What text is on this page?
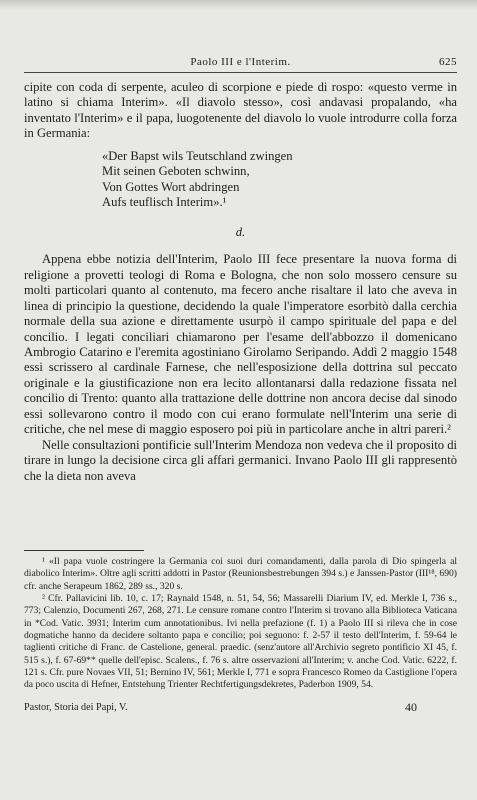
Paolo III e l'Interim.	625

cipite con coda di serpente, aculeo di scorpione e piede di rospo: «questo verme in latino si chiama Interim». «Il diavolo stesso», così andavasi propalando, «ha inventato l'Interim» e il papa, luogotenente del diavolo lo vuole introdurre colla forza in Germania:

«Der Bapst wils Teutschland zwingen
Mit seinen Geboten schwinn,
Von Gottes Wort abdringen
Aufs teuflisch Interim».¹
d.

Appena ebbe notizia dell'Interim, Paolo III fece presentare la nuova forma di religione a provetti teologi di Roma e Bologna, che non solo mossero censure su molti particolari quanto al contenuto, ma fecero anche risaltare il lato che aveva in linea di principio la questione, decidendo la quale l'imperatore esorbitò dalla cerchia normale della sua azione e direttamente usurpò il campo spirituale del papa e del concilio. I legati conciliari chiamarono per l'esame dell'abbozzo il domenicano Ambrogio Catarino e l'eremita agostiniano Girolamo Seripando. Addì 2 maggio 1548 essi scrissero al cardinale Farnese, che nell'esposizione della dottrina sul peccato originale e la giustificazione non era lecito allontanarsi dalla redazione fissata nel concilio di Trento: quanto alla trattazione delle dottrine non ancora decise dal sinodo essi sollevarono contro il modo con cui erano formulate nell'Interim una serie di critiche, che nel mese di maggio esposero poi più in particolare anche in altri pareri.²

Nelle consultazioni pontificie sull'Interim Mendoza non vedeva che il proposito di tirare in lungo la decisione circa gli affari germanici. Invano Paolo III gli rappresentò che la dieta non aveva

¹ «Il papa vuole costringere la Germania coi suoi duri comandamenti, dalla parola di Dio spingerla al diabolico Interim». Oltre agli scritti addotti in Pastor (Reunionsbestrebungen 394 s.) e Janssen-Pastor (III¹⁸, 690) cfr. anche Serapeum 1862, 289 ss., 320 s.

² Cfr. Pallavicini lib. 10, c. 17; Raynald 1548, n. 51, 54, 56; Massarelli Diarium IV, ed. Merkle I, 736 s., 773; Calenzio, Documenti 267, 268, 271. Le censure romane contro l'Interim si trovano alla Biblioteca Vaticana in *Cod. Vatic. 3931; Interim cum annotationibus. Ivi nella prefazione (f. 1) a Paolo III si rileva che in cose dogmatiche hanno da decidere soltanto papa e concilio; poi seguono: f. 2-57 il testo dell'Interim, f. 59-64 le taglienti critiche di Franc. de Castelione, general. praedic. (senz'autore all'Archivio segreto pontificio XI 45, f. 515 s.), f. 67-69** quelle dell'episc. Scalens., f. 76 s. altre osservazioni all'Interim; v. anche Cod. Vatic. 6222, f. 121 s. Cfr. pure Novaes VII, 51; Bernino IV, 561; Merkle I, 771 e sopra Francesco Romeo da Castiglione l'opera da poco uscita di Hefner, Entstehung Trienter Rechtfertigungsdekretes, Paderbon 1909, 54.

Pastor, Storia dei Papi, V.	40
